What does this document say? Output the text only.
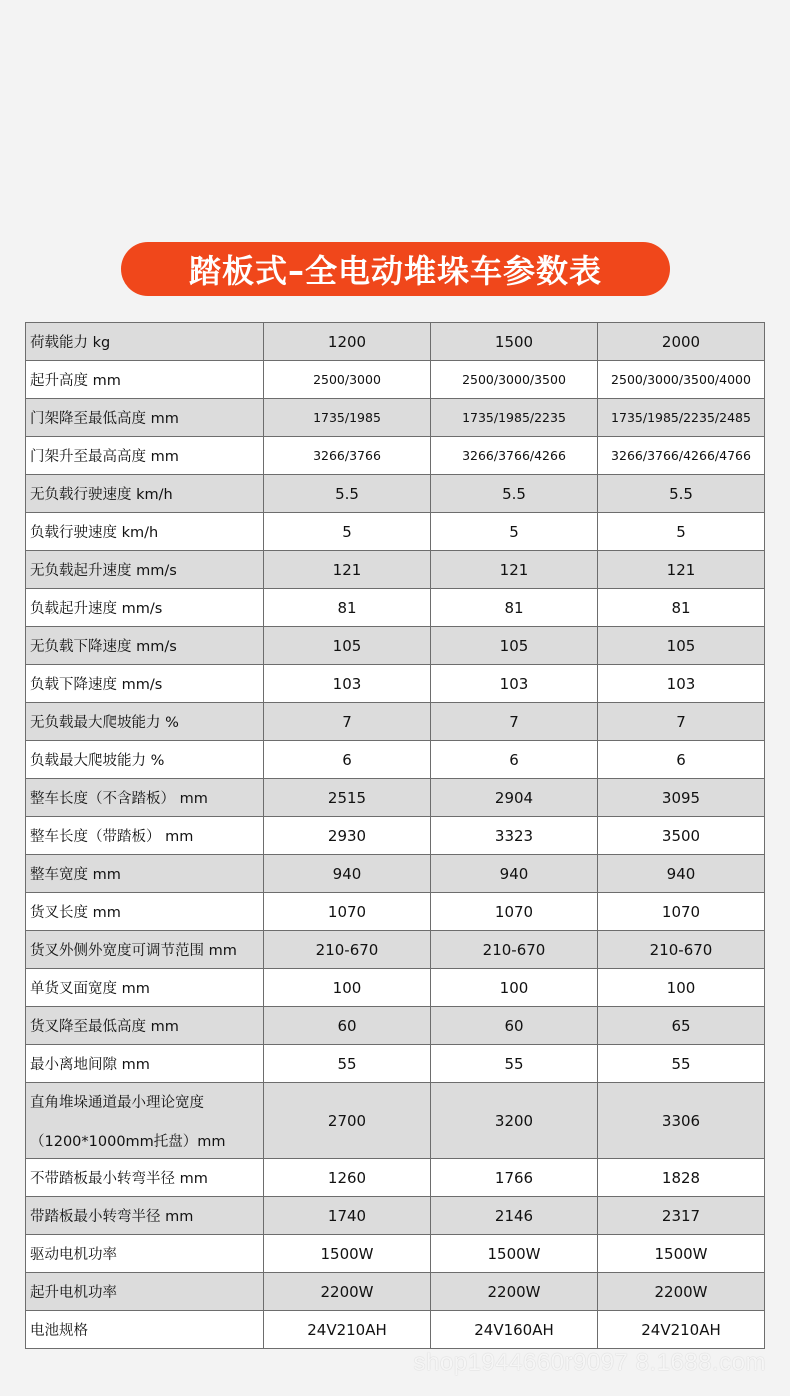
踏板式–全电动堆垛车参数表
荷载能力 kg	1200	1500	2000
起升高度 mm	2500/3000	2500/3000/3500	2500/3000/3500/4000
门架降至最低高度 mm	1735/1985	1735/1985/2235	1735/1985/2235/2485
门架升至最高高度 mm	3266/3766	3266/3766/4266	3266/3766/4266/4766
无负载行驶速度 km/h	5.5	5.5	5.5
负载行驶速度 km/h	5	5	5
无负载起升速度 mm/s	121	121	121
负载起升速度 mm/s	81	81	81
无负载下降速度 mm/s	105	105	105
负载下降速度 mm/s	103	103	103
无负载最大爬坡能力 %	7	7	7
负载最大爬坡能力 %	6	6	6
整车长度（不含踏板） mm	2515	2904	3095
整车长度（带踏板） mm	2930	3323	3500
整车宽度 mm	940	940	940
货叉长度 mm	1070	1070	1070
货叉外侧外宽度可调节范围 mm	210-670	210-670	210-670
单货叉面宽度 mm	100	100	100
货叉降至最低高度 mm	60	60	65
最小离地间隙 mm	55	55	55
直角堆垛通道最小理论宽度
（1200*1000mm托盘）mm	2700	3200	3306
不带踏板最小转弯半径 mm	1260	1766	1828
带踏板最小转弯半径 mm	1740	2146	2317
驱动电机功率	1500W	1500W	1500W
起升电机功率	2200W	2200W	2200W
电池规格	24V210AH	24V160AH	24V210AH
shop1944660r9097 8.1688.com
